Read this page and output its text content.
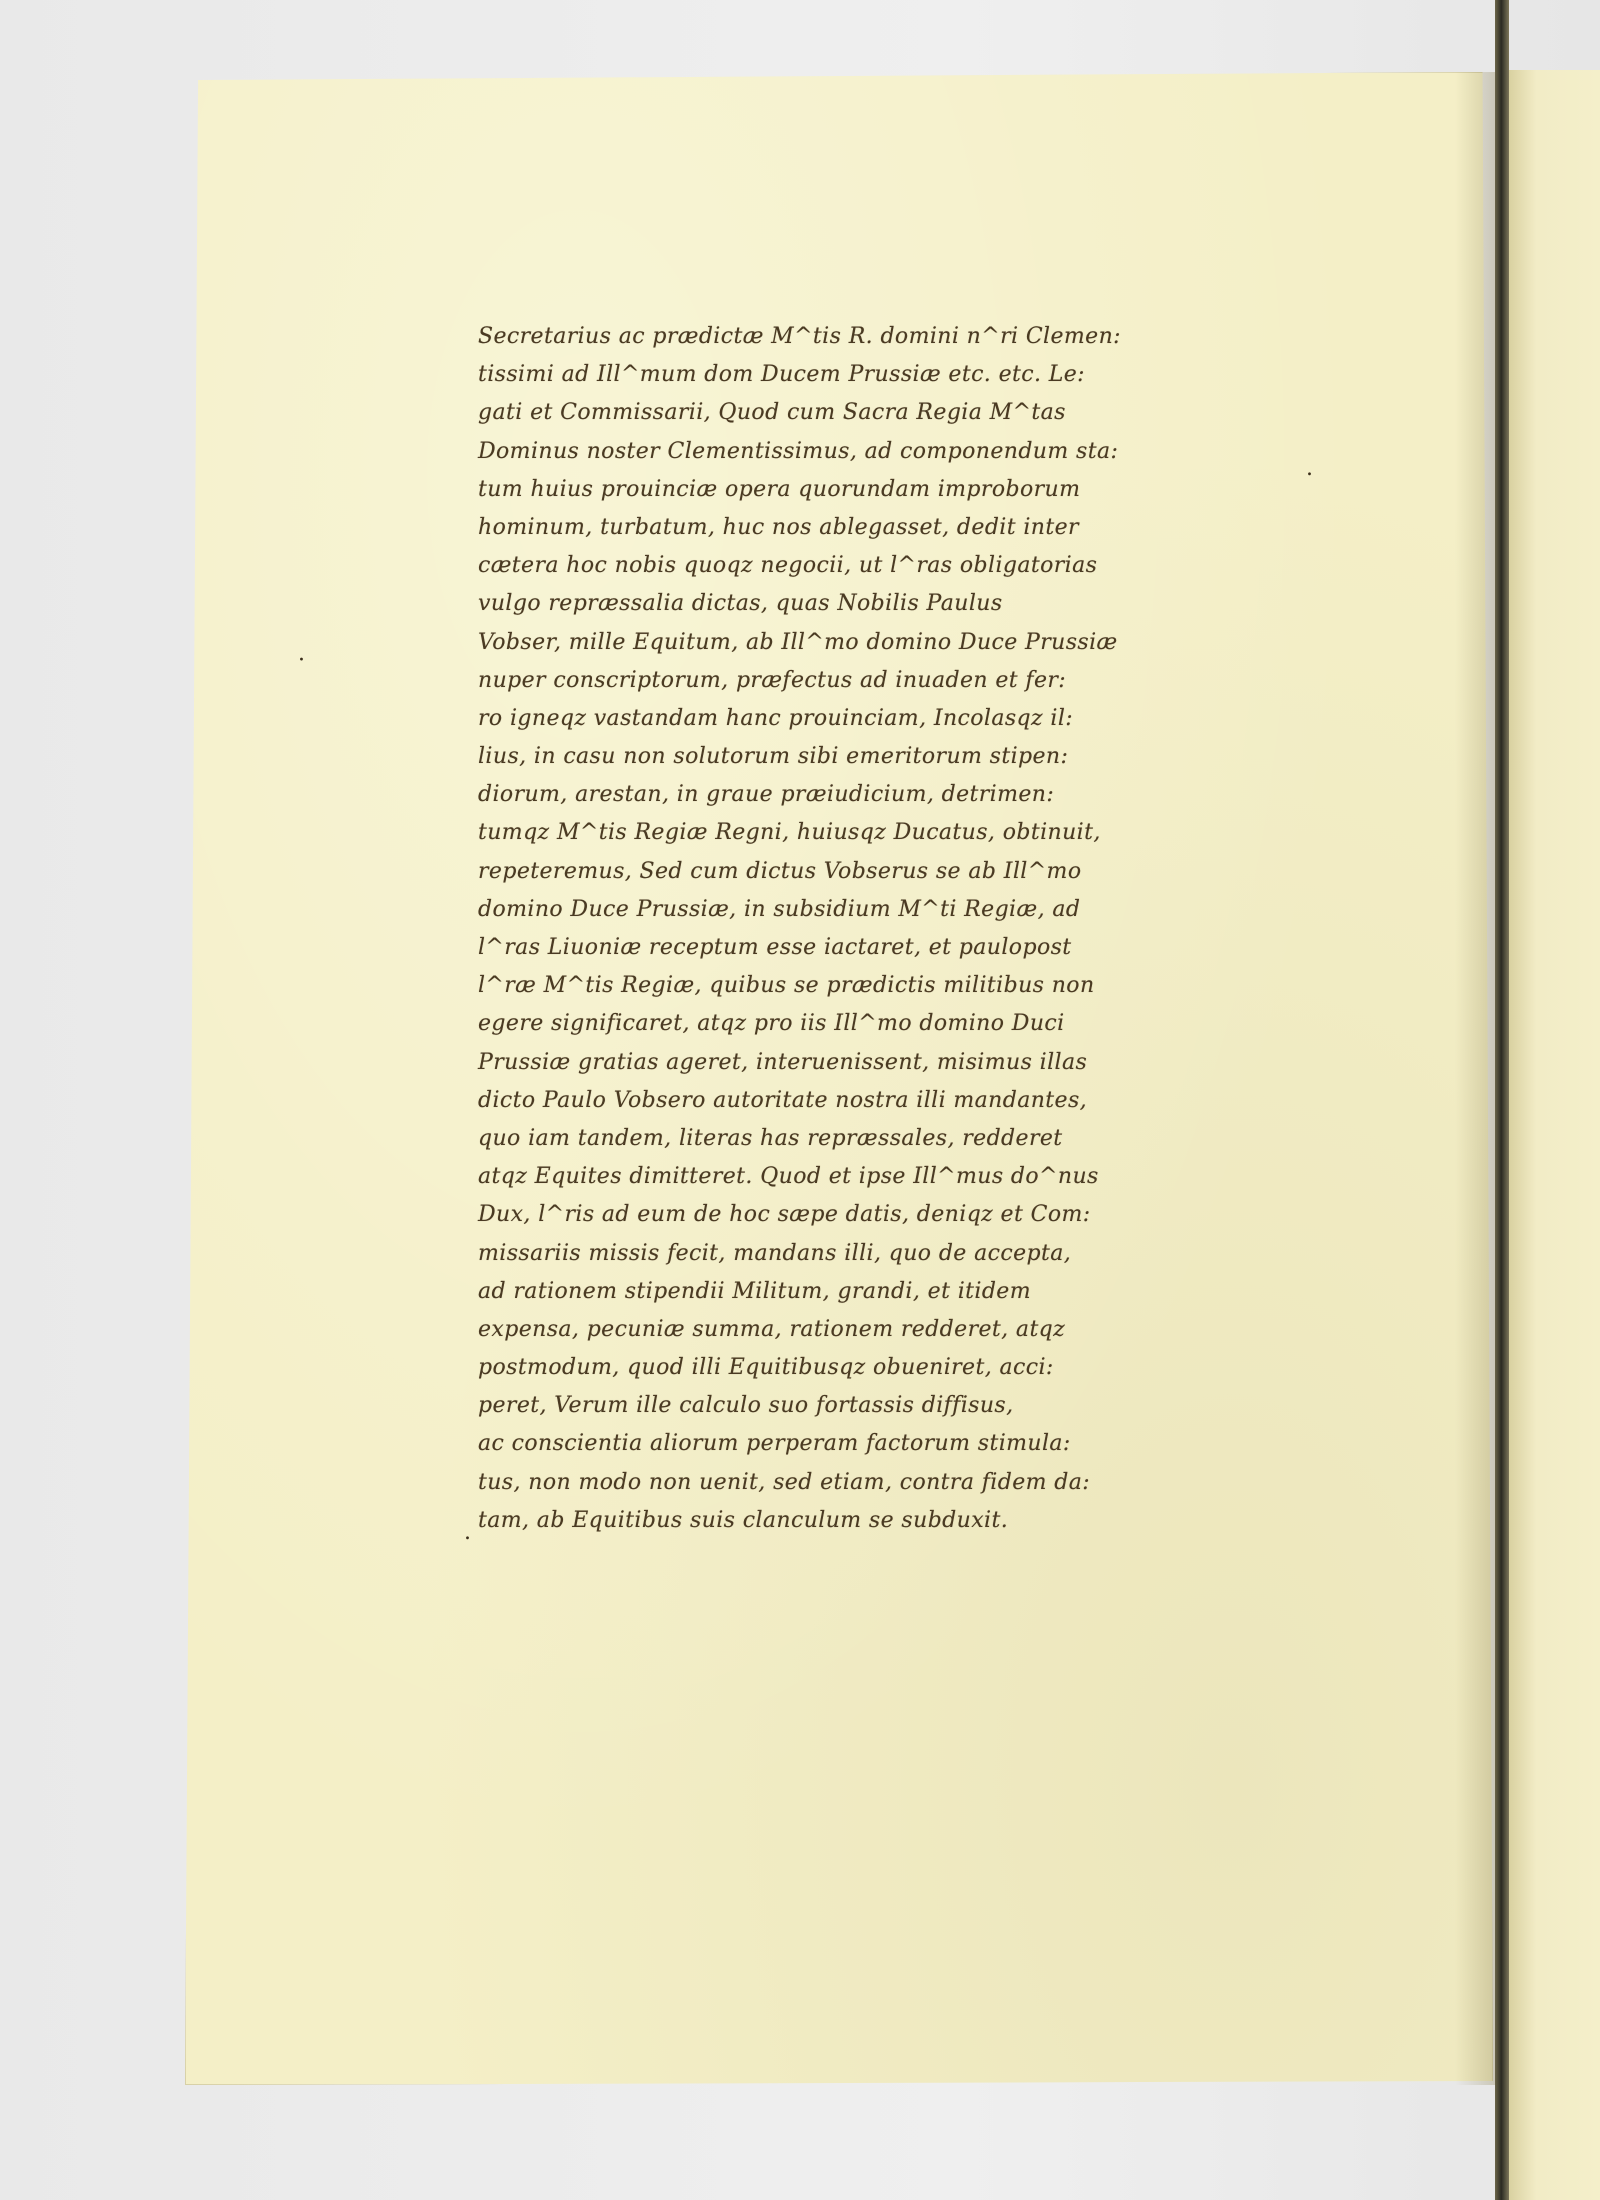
.
·
.
Secretarius ac prædictæ M^tis R. domini n^ri Clemen:
tissimi ad Ill^mum dom Ducem Prussiæ etc. etc. Le:
gati et Commissarii, Quod cum Sacra Regia M^tas
Dominus noster Clementissimus, ad componendum sta:
tum huius prouinciæ opera quorundam improborum
hominum, turbatum, huc nos ablegasset, dedit inter
cætera hoc nobis quoqz negocii, ut l^ras obligatorias
vulgo repræssalia dictas, quas Nobilis Paulus
Vobser, mille Equitum, ab Ill^mo domino Duce Prussiæ
nuper conscriptorum, præfectus ad inuaden et fer:
ro igneqz vastandam hanc prouinciam, Incolasqz il:
lius, in casu non solutorum sibi emeritorum stipen:
diorum, arestan, in graue præiudicium, detrimen:
tumqz M^tis Regiæ Regni, huiusqz Ducatus, obtinuit,
repeteremus, Sed cum dictus Vobserus se ab Ill^mo
domino Duce Prussiæ, in subsidium M^ti Regiæ, ad
l^ras Liuoniæ receptum esse iactaret, et paulopost
l^ræ M^tis Regiæ, quibus se prædictis militibus non
egere significaret, atqz pro iis Ill^mo domino Duci
Prussiæ gratias ageret, interuenissent, misimus illas
dicto Paulo Vobsero autoritate nostra illi mandantes,
quo iam tandem, literas has repræssales, redderet
atqz Equites dimitteret. Quod et ipse Ill^mus do^nus
Dux, l^ris ad eum de hoc sæpe datis, deniqz et Com:
missariis missis fecit, mandans illi, quo de accepta,
ad rationem stipendii Militum, grandi, et itidem
expensa, pecuniæ summa, rationem redderet, atqz
postmodum, quod illi Equitibusqz obueniret, acci:
peret, Verum ille calculo suo fortassis diffisus,
ac conscientia aliorum perperam factorum stimula:
tus, non modo non uenit, sed etiam, contra fidem da:
tam, ab Equitibus suis clanculum se subduxit.
